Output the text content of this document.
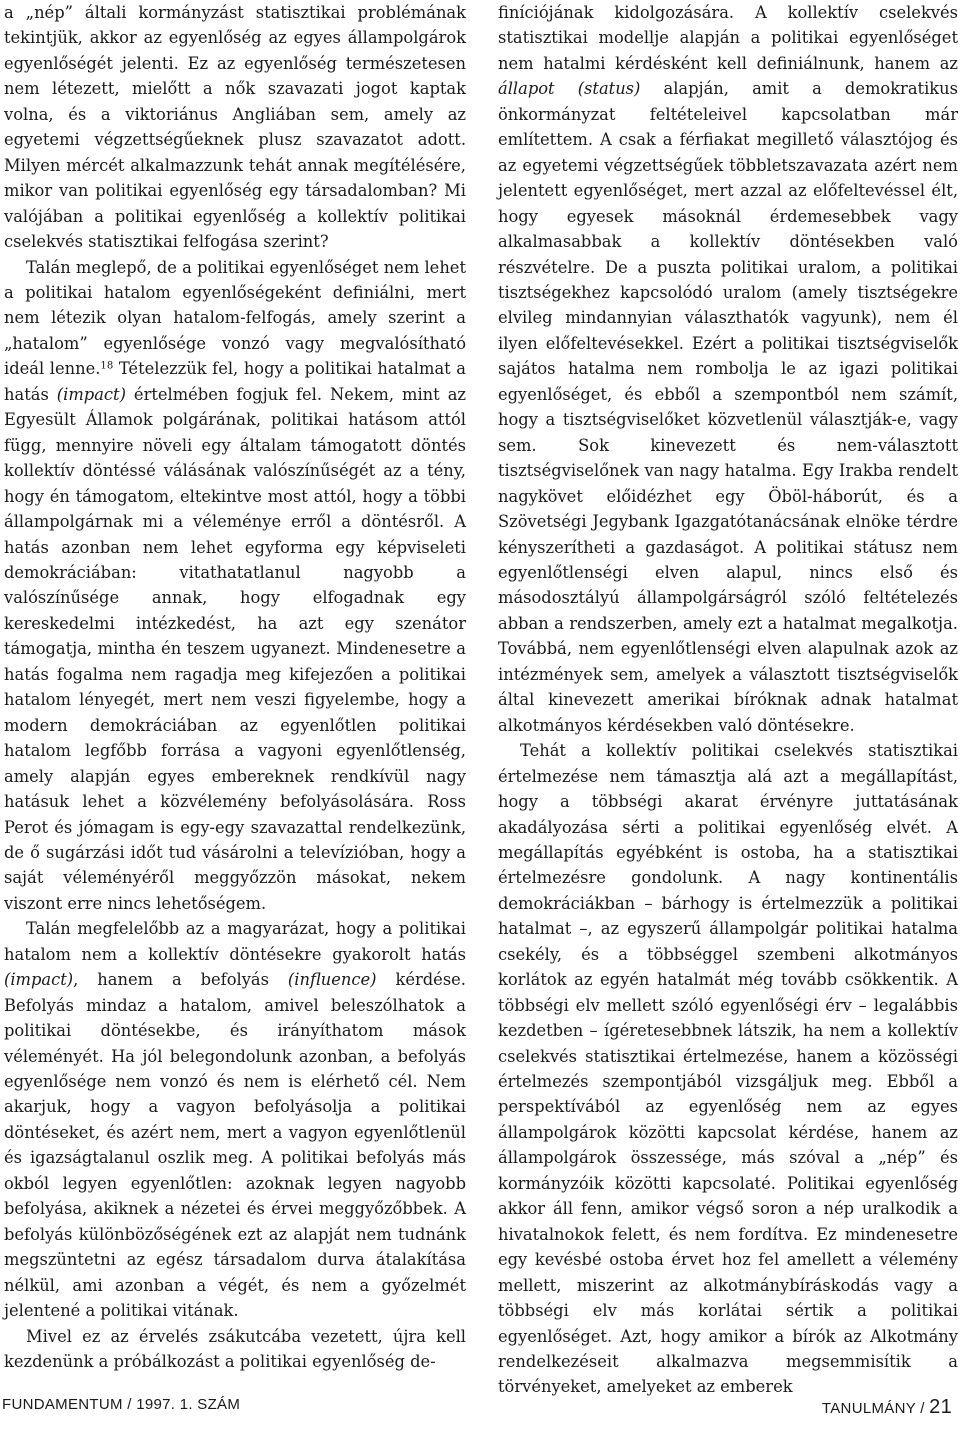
a „nép” általi kormányzást statisztikai problémának tekintjük, akkor az egyenlőség az egyes állampolgárok egyenlőségét jelenti. Ez az egyenlőség természetesen nem létezett, mielőtt a nők szavazati jogot kaptak volna, és a viktoriánus Angliában sem, amely az egyetemi végzettségűeknek plusz szavazatot adott. Milyen mércét alkalmazzunk tehát annak megítélésére, mikor van politikai egyenlőség egy társadalomban? Mi valójában a politikai egyenlőség a kollektív politikai cselekvés statisztikai felfogása szerint?

Talán meglepő, de a politikai egyenlőséget nem lehet a politikai hatalom egyenlőségeként definiálni, mert nem létezik olyan hatalom-felfogás, amely szerint a „hatalom” egyenlősége vonzó vagy megvalósítható ideál lenne.$^{18}$ Tételezzük fel, hogy a politikai hatalmat a hatás (impact) értelmében fogjuk fel. Nekem, mint az Egyesült Államok polgárának, politikai hatásom attól függ, mennyire növeli egy általam támogatott döntés kollektív döntéssé válásának valószínűségét az a tény, hogy én támogatom, eltekintve most attól, hogy a többi állampolgárnak mi a véleménye erről a döntésről. A hatás azonban nem lehet egyforma egy képviseleti demokráciában: vitathatatlanul nagyobb a valószínűsége annak, hogy elfogadnak egy kereskedelmi intézkedést, ha azt egy szenátor támogatja, mintha én teszem ugyanezt. Mindenesetre a hatás fogalma nem ragadja meg kifejezően a politikai hatalom lényegét, mert nem veszi figyelembe, hogy a modern demokráciában az egyenlőtlen politikai hatalom legfőbb forrása a vagyoni egyenlőtlenség, amely alapján egyes embereknek rendkívül nagy hatásuk lehet a közvélemény befolyásolására. Ross Perot és jómagam is egy-egy szavazattal rendelkezünk, de ő sugárzási időt tud vásárolni a televízióban, hogy a saját véleményéről meggyőzzön másokat, nekem viszont erre nincs lehetőségem.

Talán megfelelőbb az a magyarázat, hogy a politikai hatalom nem a kollektív döntésekre gyakorolt hatás (impact), hanem a befolyás (influence) kérdése. Befolyás mindaz a hatalom, amivel beleszólhatok a politikai döntésekbe, és irányíthatom mások véleményét. Ha jól belegondolunk azonban, a befolyás egyenlősége nem vonzó és nem is elérhető cél. Nem akarjuk, hogy a vagyon befolyásolja a politikai döntéseket, és azért nem, mert a vagyon egyenlőtlenül és igazságtalanul oszlik meg. A politikai befolyás más okból legyen egyenlőtlen: azoknak legyen nagyobb befolyása, akiknek a nézetei és érvei meggyőzőbbek. A befolyás különbözőségének ezt az alapját nem tudnánk megszüntetni az egész társadalom durva átalakítása nélkül, ami azonban a végét, és nem a győzelmét jelentené a politikai vitának.

Mivel ez az érvelés zsákutcába vezetett, újra kell kezdenünk a próbálkozást a politikai egyenlőség de-

finíciójának kidolgozására. A kollektív cselekvés statisztikai modellje alapján a politikai egyenlőséget nem hatalmi kérdésként kell definiálnunk, hanem az állapot (status) alapján, amit a demokratikus önkormányzat feltételeivel kapcsolatban már említettem. A csak a férfiakat megillető választójog és az egyetemi végzettségűek többletszavazata azért nem jelentett egyenlőséget, mert azzal az előfeltevéssel élt, hogy egyesek másoknál érdemesebbek vagy alkalmasabbak a kollektív döntésekben való részvételre. De a puszta politikai uralom, a politikai tisztségekhez kapcsolódó uralom (amely tisztségekre elvileg mindannyian választhatók vagyunk), nem él ilyen előfeltevésekkel. Ezért a politikai tisztségviselők sajátos hatalma nem rombolja le az igazi politikai egyenlőséget, és ebből a szempontból nem számít, hogy a tisztségviselőket közvetlenül választják-e, vagy sem. Sok kinevezett és nem-választott tisztségviselőnek van nagy hatalma. Egy Irakba rendelt nagykövet előidézhet egy Öböl-háborút, és a Szövetségi Jegybank Igazgatótanácsának elnöke térdre kényszerítheti a gazdaságot. A politikai státusz nem egyenlőtlenségi elven alapul, nincs első és másodosztályú állampolgárságról szóló feltételezés abban a rendszerben, amely ezt a hatalmat megalkotja. Továbbá, nem egyenlőtlenségi elven alapulnak azok az intézmények sem, amelyek a választott tisztségviselők által kinevezett amerikai bíróknak adnak hatalmat alkotmányos kérdésekben való döntésekre.

Tehát a kollektív politikai cselekvés statisztikai értelmezése nem támasztja alá azt a megállapítást, hogy a többségi akarat érvényre juttatásának akadályozása sérti a politikai egyenlőség elvét. A megállapítás egyébként is ostoba, ha a statisztikai értelmezésre gondolunk. A nagy kontinentális demokráciákban – bárhogy is értelmezzük a politikai hatalmat –, az egyszerű állampolgár politikai hatalma csekély, és a többséggel szembeni alkotmányos korlátok az egyén hatalmát még tovább csökkentik. A többségi elv mellett szóló egyenlőségi érv – legalábbis kezdetben – ígéretesebbnek látszik, ha nem a kollektív cselekvés statisztikai értelmezése, hanem a közösségi értelmezés szempontjából vizsgáljuk meg. Ebből a perspektívából az egyenlőség nem az egyes állampolgárok közötti kapcsolat kérdése, hanem az állampolgárok összessége, más szóval a „nép” és kormányzóik közötti kapcsolaté. Politikai egyenlőség akkor áll fenn, amikor végső soron a nép uralkodik a hivatalnokok felett, és nem fordítva. Ez mindenesetre egy kevésbé ostoba érvet hoz fel amellett a vélemény mellett, miszerint az alkotmánybíráskodás vagy a többségi elv más korlátai sértik a politikai egyenlőséget. Azt, hogy amikor a bírók az Alkotmány rendelkezéseit alkalmazva megsemmisítik a törvényeket, amelyeket az emberek

FUNDAMENTUM / 1997. 1. SZÁM	TANULMÁNY / 21
